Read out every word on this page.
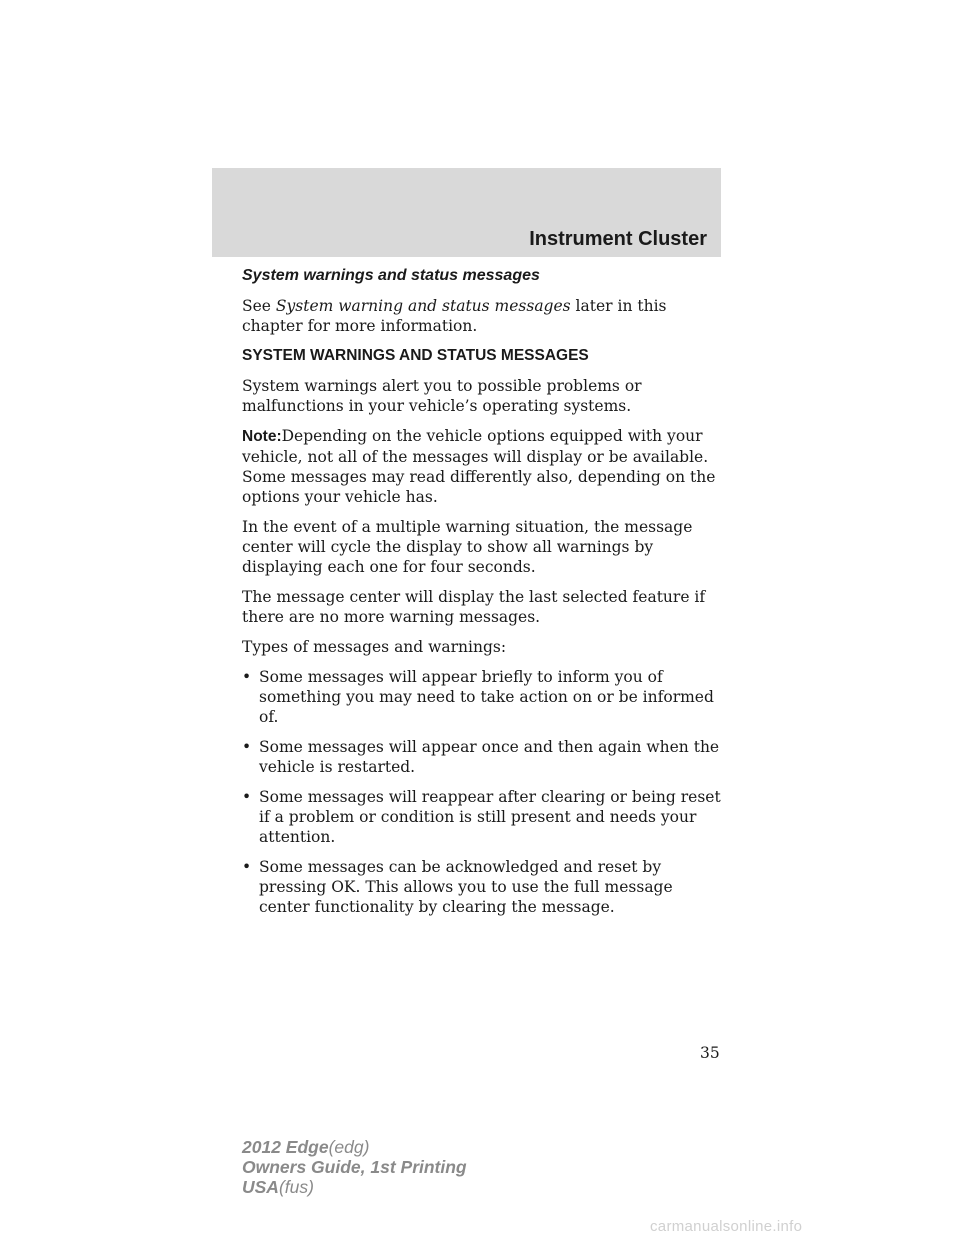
Instrument Cluster
System warnings and status messages

See System warning and status messages later in this chapter for more information.

SYSTEM WARNINGS AND STATUS MESSAGES

System warnings alert you to possible problems or malfunctions in your vehicle’s operating systems.

Note:Depending on the vehicle options equipped with your vehicle, not all of the messages will display or be available. Some messages may read differently also, depending on the options your vehicle has.

In the event of a multiple warning situation, the message center will cycle the display to show all warnings by displaying each one for four seconds.

The message center will display the last selected feature if there are no more warning messages.

Types of messages and warnings:

• Some messages will appear briefly to inform you of something you may need to take action on or be informed of.
• Some messages will appear once and then again when the vehicle is restarted.
• Some messages will reappear after clearing or being reset if a problem or condition is still present and needs your attention.
• Some messages can be acknowledged and reset by pressing OK. This allows you to use the full message center functionality by clearing the message.
35
2012 Edge(edg)
Owners Guide, 1st Printing
USA(fus)
carmanualsonline.info
